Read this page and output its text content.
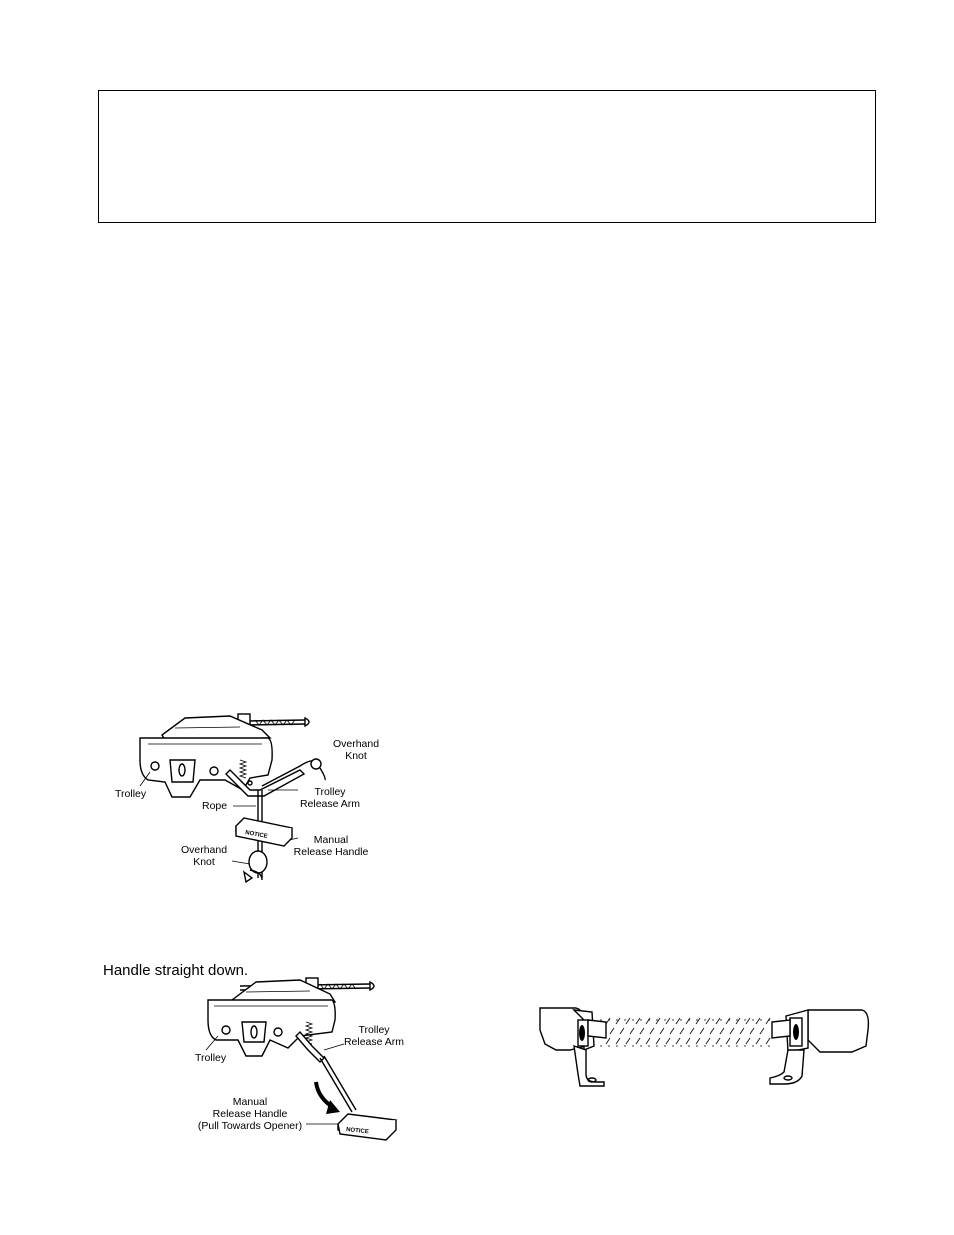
NOTICE
Trolley
Overhand
Knot
Rope
Trolley
Release Arm
Manual
Release Handle
Overhand
Knot
Handle straight down.
NOTICE
Trolley
Trolley
Release Arm
Manual
Release Handle
(Pull Towards Opener)
